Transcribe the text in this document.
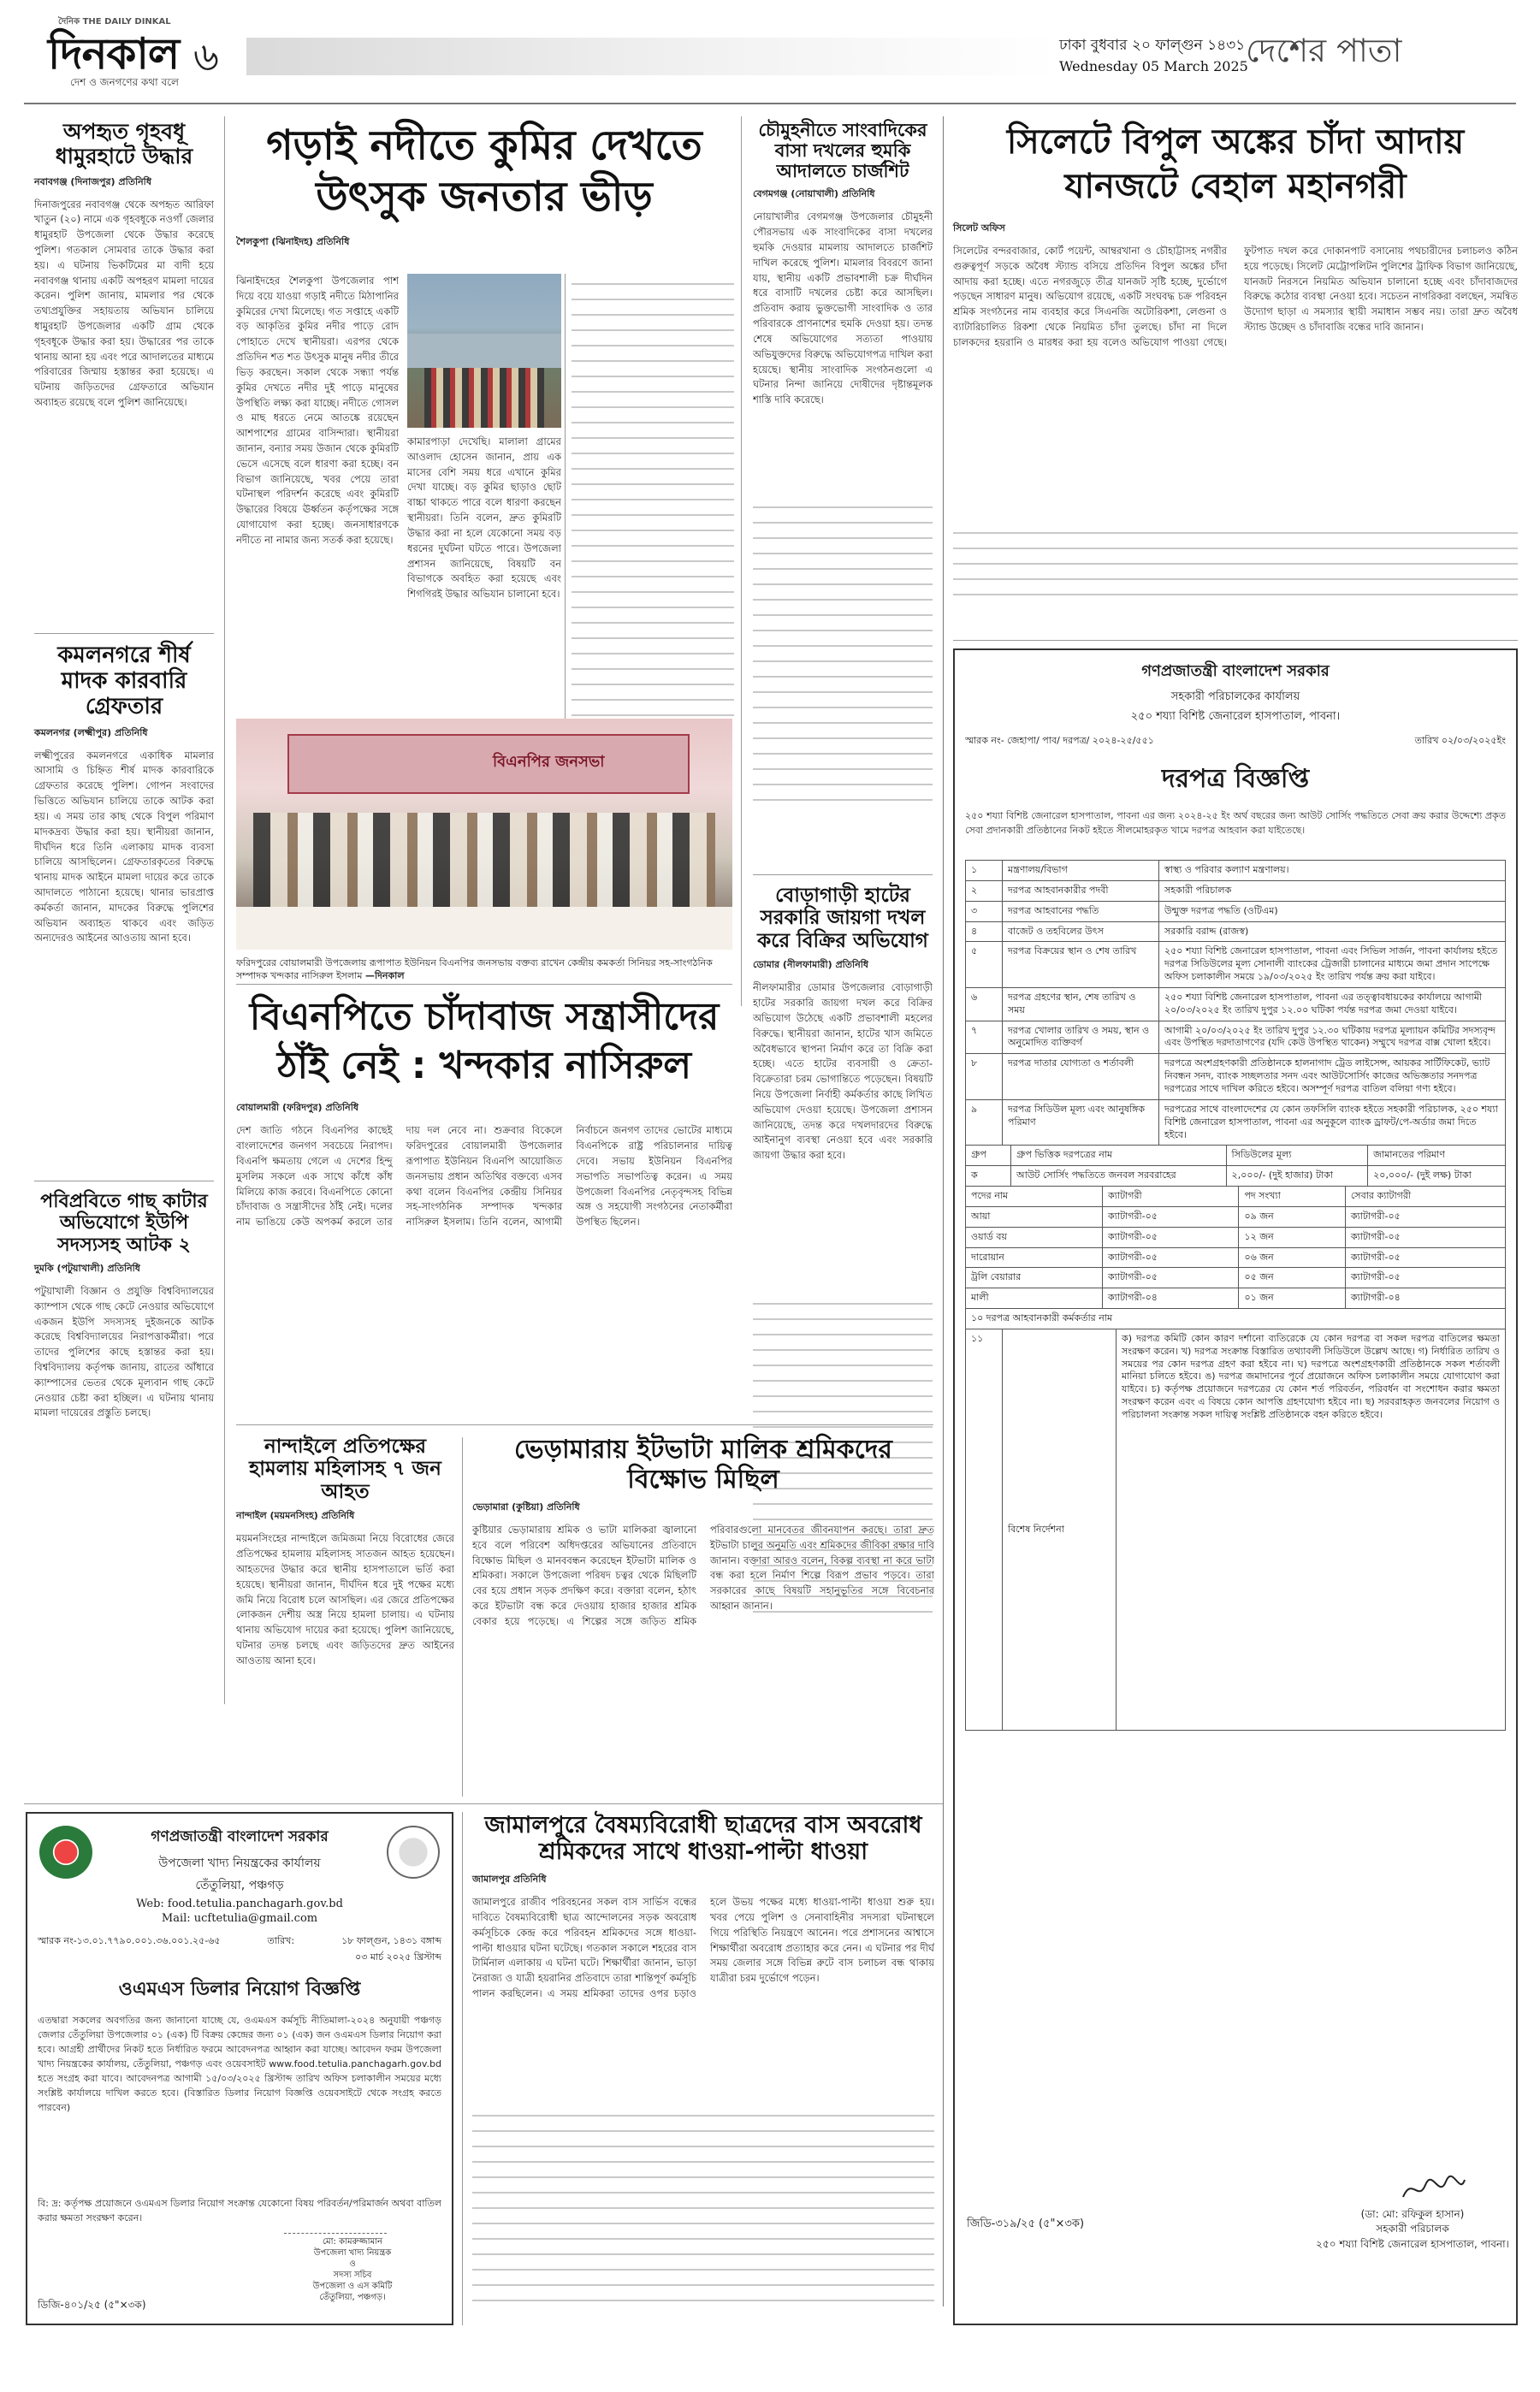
দৈনিক THE DAILY DINKAL
দিনকাল
দেশ ও জনগণের কথা বলে
৬	ঢাকা বুধবার ২০ ফাল্গুন ১৪৩১
Wednesday 05 March 2025
দেশের পাতা
অপহৃত গৃহবধূ ধামুরহাটে উদ্ধার
নবাবগঞ্জ (দিনাজপুর) প্রতিনিধি
দিনাজপুরের নবাবগঞ্জ থেকে অপহৃত আরিফা খাতুন (২০) নামে এক গৃহবধূকে নওগাঁ জেলার ধামুরহাট উপজেলা থেকে উদ্ধার করেছে পুলিশ। গতকাল সোমবার তাকে উদ্ধার করা হয়। এ ঘটনায় ভিকটিমের মা বাদী হয়ে নবাবগঞ্জ থানায় একটি অপহরণ মামলা দায়ের করেন। পুলিশ জানায়, মামলার পর থেকে তথ্যপ্রযুক্তির সহায়তায় অভিযান চালিয়ে ধামুরহাট উপজেলার একটি গ্রাম থেকে গৃহবধূকে উদ্ধার করা হয়। উদ্ধারের পর তাকে থানায় আনা হয় এবং পরে আদালতের মাধ্যমে পরিবারের জিম্মায় হস্তান্তর করা হয়েছে। এ ঘটনায় জড়িতদের গ্রেফতারে অভিযান অব্যাহত রয়েছে বলে পুলিশ জানিয়েছে।
কমলনগরে শীর্ষ মাদক কারবারি গ্রেফতার
কমলনগর (লক্ষ্মীপুর) প্রতিনিধি
লক্ষ্মীপুরের কমলনগরে একাধিক মামলার আসামি ও চিহ্নিত শীর্ষ মাদক কারবারিকে গ্রেফতার করেছে পুলিশ। গোপন সংবাদের ভিত্তিতে অভিযান চালিয়ে তাকে আটক করা হয়। এ সময় তার কাছ থেকে বিপুল পরিমাণ মাদকদ্রব্য উদ্ধার করা হয়। স্থানীয়রা জানান, দীর্ঘদিন ধরে তিনি এলাকায় মাদক ব্যবসা চালিয়ে আসছিলেন। গ্রেফতারকৃতের বিরুদ্ধে থানায় মাদক আইনে মামলা দায়ের করে তাকে আদালতে পাঠানো হয়েছে। থানার ভারপ্রাপ্ত কর্মকর্তা জানান, মাদকের বিরুদ্ধে পুলিশের অভিযান অব্যাহত থাকবে এবং জড়িত অন্যদেরও আইনের আওতায় আনা হবে।
পবিপ্রবিতে গাছ কাটার অভিযোগে ইউপি সদস্যসহ আটক ২
দুমকি (পটুয়াখালী) প্রতিনিধি
পটুয়াখালী বিজ্ঞান ও প্রযুক্তি বিশ্ববিদ্যালয়ের ক্যাম্পাস থেকে গাছ কেটে নেওয়ার অভিযোগে একজন ইউপি সদস্যসহ দুইজনকে আটক করেছে বিশ্ববিদ্যালয়ের নিরাপত্তাকর্মীরা। পরে তাদের পুলিশের কাছে হস্তান্তর করা হয়। বিশ্ববিদ্যালয় কর্তৃপক্ষ জানায়, রাতের আঁধারে ক্যাম্পাসের ভেতর থেকে মূল্যবান গাছ কেটে নেওয়ার চেষ্টা করা হচ্ছিল। এ ঘটনায় থানায় মামলা দায়েরের প্রস্তুতি চলছে।
গড়াই নদীতে কুমির দেখতে উৎসুক জনতার ভীড়
শৈলকুপা (ঝিনাইদহ) প্রতিনিধি
ঝিনাইদহের শৈলকুপা উপজেলার পাশ দিয়ে বয়ে যাওয়া গড়াই নদীতে মিঠাপানির কুমিরের দেখা মিলেছে। গত সপ্তাহে একটি বড় আকৃতির কুমির নদীর পাড়ে রোদ পোহাতে দেখে স্থানীয়রা। এরপর থেকে প্রতিদিন শত শত উৎসুক মানুষ নদীর তীরে ভিড় করছেন। সকাল থেকে সন্ধ্যা পর্যন্ত কুমির দেখতে নদীর দুই পাড়ে মানুষের উপস্থিতি লক্ষ্য করা যাচ্ছে। নদীতে গোসল ও মাছ ধরতে নেমে আতঙ্কে রয়েছেন আশপাশের গ্রামের বাসিন্দারা। স্থানীয়রা জানান, বন্যার সময় উজান থেকে কুমিরটি ভেসে এসেছে বলে ধারণা করা হচ্ছে। বন বিভাগ জানিয়েছে, খবর পেয়ে তারা ঘটনাস্থল পরিদর্শন করেছে এবং কুমিরটি উদ্ধারের বিষয়ে ঊর্ধ্বতন কর্তৃপক্ষের সঙ্গে যোগাযোগ করা হচ্ছে। জনসাধারণকে নদীতে না নামার জন্য সতর্ক করা হয়েছে।
কামারপাড়া দেখেছি। মালালা গ্রামের আওলাদ হোসেন জানান, প্রায় এক মাসের বেশি সময় ধরে এখানে কুমির দেখা যাচ্ছে। বড় কুমির ছাড়াও ছোট বাচ্চা থাকতে পারে বলে ধারণা করছেন স্থানীয়রা। তিনি বলেন, দ্রুত কুমিরটি উদ্ধার করা না হলে যেকোনো সময় বড় ধরনের দুর্ঘটনা ঘটতে পারে। উপজেলা প্রশাসন জানিয়েছে, বিষয়টি বন বিভাগকে অবহিত করা হয়েছে এবং শিগগিরই উদ্ধার অভিযান চালানো হবে।
বিএনপির জনসভা
ফরিদপুরের বোয়ালমারী উপজেলায় রূপাপাত ইউনিয়ন বিএনপির জনসভায় বক্তব্য রাখেন কেন্দ্রীয় কমকর্তা সিনিয়র সহ-সাংগঠনিক সম্পাদক খন্দকার নাসিরুল ইসলাম —দিনকাল
চৌমুহনীতে সাংবাদিকের বাসা দখলের হুমকি আদালতে চার্জশিট
বেগমগঞ্জ (নোয়াখালী) প্রতিনিধি
নোয়াখালীর বেগমগঞ্জ উপজেলার চৌমুহনী পৌরসভায় এক সাংবাদিকের বাসা দখলের হুমকি দেওয়ার মামলায় আদালতে চার্জশিট দাখিল করেছে পুলিশ। মামলার বিবরণে জানা যায়, স্থানীয় একটি প্রভাবশালী চক্র দীর্ঘদিন ধরে বাসাটি দখলের চেষ্টা করে আসছিল। প্রতিবাদ করায় ভুক্তভোগী সাংবাদিক ও তার পরিবারকে প্রাণনাশের হুমকি দেওয়া হয়। তদন্ত শেষে অভিযোগের সত্যতা পাওয়ায় অভিযুক্তদের বিরুদ্ধে অভিযোগপত্র দাখিল করা হয়েছে। স্থানীয় সাংবাদিক সংগঠনগুলো এ ঘটনার নিন্দা জানিয়ে দোষীদের দৃষ্টান্তমূলক শাস্তি দাবি করেছে।
বোড়াগাড়ী হাটের সরকারি জায়গা দখল করে বিক্রির অভিযোগ
ডোমার (নীলফামারী) প্রতিনিধি
নীলফামারীর ডোমার উপজেলার বোড়াগাড়ী হাটের সরকারি জায়গা দখল করে বিক্রির অভিযোগ উঠেছে একটি প্রভাবশালী মহলের বিরুদ্ধে। স্থানীয়রা জানান, হাটের খাস জমিতে অবৈধভাবে স্থাপনা নির্মাণ করে তা বিক্রি করা হচ্ছে। এতে হাটের ব্যবসায়ী ও ক্রেতা-বিক্রেতারা চরম ভোগান্তিতে পড়েছেন। বিষয়টি নিয়ে উপজেলা নির্বাহী কর্মকর্তার কাছে লিখিত অভিযোগ দেওয়া হয়েছে। উপজেলা প্রশাসন জানিয়েছে, তদন্ত করে দখলদারদের বিরুদ্ধে আইনানুগ ব্যবস্থা নেওয়া হবে এবং সরকারি জায়গা উদ্ধার করা হবে।
বিএনপিতে চাঁদাবাজ সন্ত্রাসীদের ঠাঁই নেই : খন্দকার নাসিরুল
বোয়ালমারী (ফরিদপুর) প্রতিনিধি
দেশ জাতি গঠনে বিএনপির কাছেই বাংলাদেশের জনগণ সবচেয়ে নিরাপদ। বিএনপি ক্ষমতায় গেলে এ দেশের হিন্দু মুসলিম সকলে এক সাথে কাঁধে কাঁধ মিলিয়ে কাজ করবে। বিএনপিতে কোনো চাঁদাবাজ ও সন্ত্রাসীদের ঠাঁই নেই। দলের নাম ভাঙিয়ে কেউ অপকর্ম করলে তার দায় দল নেবে না। শুক্রবার বিকেলে ফরিদপুরের বোয়ালমারী উপজেলার রূপাপাত ইউনিয়ন বিএনপি আয়োজিত জনসভায় প্রধান অতিথির বক্তব্যে এসব কথা বলেন বিএনপির কেন্দ্রীয় সিনিয়র সহ-সাংগঠনিক সম্পাদক খন্দকার নাসিরুল ইসলাম। তিনি বলেন, আগামী নির্বাচনে জনগণ তাদের ভোটের মাধ্যমে বিএনপিকে রাষ্ট্র পরিচালনার দায়িত্ব দেবে। সভায় ইউনিয়ন বিএনপির সভাপতি সভাপতিত্ব করেন। এ সময় উপজেলা বিএনপির নেতৃবৃন্দসহ বিভিন্ন অঙ্গ ও সহযোগী সংগঠনের নেতাকর্মীরা উপস্থিত ছিলেন।
নান্দাইলে প্রতিপক্ষের হামলায় মহিলাসহ ৭ জন আহত
নান্দাইল (ময়মনসিংহ) প্রতিনিধি
ময়মনসিংহের নান্দাইলে জমিজমা নিয়ে বিরোধের জেরে প্রতিপক্ষের হামলায় মহিলাসহ সাতজন আহত হয়েছেন। আহতদের উদ্ধার করে স্থানীয় হাসপাতালে ভর্তি করা হয়েছে। স্থানীয়রা জানান, দীর্ঘদিন ধরে দুই পক্ষের মধ্যে জমি নিয়ে বিরোধ চলে আসছিল। এর জেরে প্রতিপক্ষের লোকজন দেশীয় অস্ত্র নিয়ে হামলা চালায়। এ ঘটনায় থানায় অভিযোগ দায়ের করা হয়েছে। পুলিশ জানিয়েছে, ঘটনার তদন্ত চলছে এবং জড়িতদের দ্রুত আইনের আওতায় আনা হবে।
ভেড়ামারায় ইটভাটা মালিক শ্রমিকদের বিক্ষোভ মিছিল
ভেড়ামারা (কুষ্টিয়া) প্রতিনিধি
কুষ্টিয়ার ভেড়ামারায় শ্রমিক ও ভাটা মালিকরা জ্বালানো হবে বলে পরিবেশ অধিদপ্তরের অভিযানের প্রতিবাদে বিক্ষোভ মিছিল ও মানববন্ধন করেছেন ইটভাটা মালিক ও শ্রমিকরা। সকালে উপজেলা পরিষদ চত্বর থেকে মিছিলটি বের হয়ে প্রধান সড়ক প্রদক্ষিণ করে। বক্তারা বলেন, হঠাৎ করে ইটভাটা বন্ধ করে দেওয়ায় হাজার হাজার শ্রমিক বেকার হয়ে পড়েছে। এ শিল্পের সঙ্গে জড়িত শ্রমিক পরিবারগুলো মানবেতর জীবনযাপন করছে। তারা দ্রুত ইটভাটা চালুর অনুমতি এবং শ্রমিকদের জীবিকা রক্ষার দাবি জানান। বক্তারা আরও বলেন, বিকল্প ব্যবস্থা না করে ভাটা বন্ধ করা হলে নির্মাণ শিল্পে বিরূপ প্রভাব পড়বে। তারা সরকারের কাছে বিষয়টি সহানুভূতির সঙ্গে বিবেচনার আহ্বান জানান।
গণপ্রজাতন্ত্রী বাংলাদেশ সরকার
উপজেলা খাদ্য নিয়ন্ত্রকের কার্যালয়
তেঁতুলিয়া, পঞ্চগড়
Web: food.tetulia.panchagarh.gov.bd
Mail: ucftetulia@gmail.com
স্মারক নং-১৩.০১.৭৭৯০.০০১.৩৬.০০১.২৫-৬৫	তারিখ:	১৮ ফাল্গুন, ১৪৩১ বঙ্গাব্দ
০৩ মার্চ ২০২৫ খ্রিস্টাব্দ
ওএমএস ডিলার নিয়োগ বিজ্ঞপ্তি
এতদ্বারা সকলের অবগতির জন্য জানানো যাচ্ছে যে, ওএমএস কর্মসূচি নীতিমালা-২০২৪ অনুযায়ী পঞ্চগড় জেলার তেঁতুলিয়া উপজেলার ০১ (এক) টি বিক্রয় কেন্দ্রের জন্য ০১ (এক) জন ওএমএস ডিলার নিয়োগ করা হবে। আগ্রহী প্রার্থীদের নিকট হতে নির্ধারিত ফরমে আবেদনপত্র আহ্বান করা যাচ্ছে। আবেদন ফরম উপজেলা খাদ্য নিয়ন্ত্রকের কার্যালয়, তেঁতুলিয়া, পঞ্চগড় এবং ওয়েবসাইট www.food.tetulia.panchagarh.gov.bd হতে সংগ্রহ করা যাবে। আবেদনপত্র আগামী ১৫/০৩/২০২৫ খ্রিস্টাব্দ তারিখ অফিস চলাকালীন সময়ের মধ্যে সংশ্লিষ্ট কার্যালয়ে দাখিল করতে হবে। (বিস্তারিত ডিলার নিয়োগ বিজ্ঞপ্তি ওয়েবসাইটে থেকে সংগ্রহ করতে পারবেন)
বি: দ্র: কর্তৃপক্ষ প্রয়োজনে ওএমএস ডিলার নিয়োগ সংক্রান্ত যেকোনো বিষয় পরিবর্তন/পরিমার্জন অথবা বাতিল করার ক্ষমতা সংরক্ষণ করেন।
মো: কামরুজ্জামান
উপজেলা খাদ্য নিয়ন্ত্রক
ও
সদস্য সচিব
উপজেলা ও এস কমিটি
তেঁতুলিয়া, পঞ্চগড়।
ডিজি-৪০১/২৫ (৫"×৩ক)
জামালপুরে বৈষম্যবিরোধী ছাত্রদের বাস অবরোধ শ্রমিকদের সাথে ধাওয়া-পাল্টা ধাওয়া
জামালপুর প্রতিনিধি
জামালপুরে রাজীব পরিবহনের সকল বাস সার্ভিস বন্ধের দাবিতে বৈষম্যবিরোধী ছাত্র আন্দোলনের সড়ক অবরোধ কর্মসূচিকে কেন্দ্র করে পরিবহন শ্রমিকদের সঙ্গে ধাওয়া-পাল্টা ধাওয়ার ঘটনা ঘটেছে। গতকাল সকালে শহরের বাস টার্মিনাল এলাকায় এ ঘটনা ঘটে। শিক্ষার্থীরা জানান, ভাড়া নৈরাজ্য ও যাত্রী হয়রানির প্রতিবাদে তারা শান্তিপূর্ণ কর্মসূচি পালন করছিলেন। এ সময় শ্রমিকরা তাদের ওপর চড়াও হলে উভয় পক্ষের মধ্যে ধাওয়া-পাল্টা ধাওয়া শুরু হয়। খবর পেয়ে পুলিশ ও সেনাবাহিনীর সদস্যরা ঘটনাস্থলে গিয়ে পরিস্থিতি নিয়ন্ত্রণে আনেন। পরে প্রশাসনের আশ্বাসে শিক্ষার্থীরা অবরোধ প্রত্যাহার করে নেন। এ ঘটনার পর দীর্ঘ সময় জেলার সঙ্গে বিভিন্ন রুটে বাস চলাচল বন্ধ থাকায় যাত্রীরা চরম দুর্ভোগে পড়েন।
সিলেটে বিপুল অঙ্কের চাঁদা আদায় যানজটে বেহাল মহানগরী
সিলেট অফিস
সিলেটের বন্দরবাজার, কোর্ট পয়েন্ট, আম্বরখানা ও চৌহাট্টাসহ নগরীর গুরুত্বপূর্ণ সড়কে অবৈধ স্ট্যান্ড বসিয়ে প্রতিদিন বিপুল অঙ্কের চাঁদা আদায় করা হচ্ছে। এতে নগরজুড়ে তীব্র যানজট সৃষ্টি হচ্ছে, দুর্ভোগে পড়ছেন সাধারণ মানুষ। অভিযোগ রয়েছে, একটি সংঘবদ্ধ চক্র পরিবহন শ্রমিক সংগঠনের নাম ব্যবহার করে সিএনজি অটোরিকশা, লেগুনা ও ব্যাটারিচালিত রিকশা থেকে নিয়মিত চাঁদা তুলছে। চাঁদা না দিলে চালকদের হয়রানি ও মারধর করা হয় বলেও অভিযোগ পাওয়া গেছে। ফুটপাত দখল করে দোকানপাট বসানোয় পথচারীদের চলাচলও কঠিন হয়ে পড়েছে। সিলেট মেট্রোপলিটন পুলিশের ট্রাফিক বিভাগ জানিয়েছে, যানজট নিরসনে নিয়মিত অভিযান চালানো হচ্ছে এবং চাঁদাবাজদের বিরুদ্ধে কঠোর ব্যবস্থা নেওয়া হবে। সচেতন নাগরিকরা বলছেন, সমন্বিত উদ্যোগ ছাড়া এ সমস্যার স্থায়ী সমাধান সম্ভব নয়। তারা দ্রুত অবৈধ স্ট্যান্ড উচ্ছেদ ও চাঁদাবাজি বন্ধের দাবি জানান।
গণপ্রজাতন্ত্রী বাংলাদেশ সরকার
সহকারী পরিচালকের কার্যালয়
২৫০ শয্যা বিশিষ্ট জেনারেল হাসপাতাল, পাবনা।
স্মারক নং- জেহাপা/ পাব/ দরপত্র/ ২০২৪-২৫/৫৫১	তারিখ ০২/০৩/২০২৫ইং
দরপত্র বিজ্ঞপ্তি
২৫০ শয্যা বিশিষ্ট জেনারেল হাসপাতাল, পাবনা এর জন্য ২০২৪-২৫ ইং অর্থ বছরের জন্য আউট সোর্সিং পদ্ধতিতে সেবা ক্রয় করার উদ্দেশ্যে প্রকৃত সেবা প্রদানকারী প্রতিষ্ঠানের নিকট হইতে সীলমোহরকৃত খামে দরপত্র আহবান করা যাইতেছে।
১	মন্ত্রণালয়/বিভাগ	স্বাস্থ্য ও পরিবার কল্যাণ মন্ত্রণালয়।
২	দরপত্র আহবানকারীর পদবী	সহকারী পরিচালক
৩	দরপত্র আহবানের পদ্ধতি	উন্মুক্ত দরপত্র পদ্ধতি (ওটিএম)
৪	বাজেট ও তহবিলের উৎস	সরকারি বরাদ্দ (রাজস্ব)
৫	দরপত্র বিক্রয়ের স্থান ও শেষ তারিখ	২৫০ শয্যা বিশিষ্ট জেনারেল হাসপাতাল, পাবনা এবং সিভিল সার্জন, পাবনা কার্যালয় হইতে দরপত্র সিডিউলের মূল্য সোনালী ব্যাংকের ট্রেজারী চালানের মাধ্যমে জমা প্রদান সাপেক্ষে অফিস চলাকালীন সময়ে ১৯/০৩/২০২৫ ইং তারিখ পর্যন্ত ক্রয় করা যাইবে।
৬	দরপত্র গ্রহণের স্থান, শেষ তারিখ ও সময়	২৫০ শয্যা বিশিষ্ট জেনারেল হাসপাতাল, পাবনা এর তত্ত্বাবধায়কের কার্যালয়ে আগামী ২০/০৩/২০২৫ ইং তারিখ দুপুর ১২.০০ ঘটিকা পর্যন্ত দরপত্র জমা দেওয়া যাইবে।
৭	দরপত্র খোলার তারিখ ও সময়, স্থান ও অনুমোদিত ব্যক্তিবর্গ	আগামী ২০/০৩/২০২৫ ইং তারিখ দুপুর ১২.৩০ ঘটিকায় দরপত্র মূল্যায়ন কমিটির সদস্যবৃন্দ এবং উপস্থিত দরদাতাগণের (যদি কেউ উপস্থিত থাকেন) সম্মুখে দরপত্র বাক্স খোলা হইবে।
৮	দরপত্র দাতার যোগ্যতা ও শর্তাবলী	দরপত্রে অংশগ্রহণকারী প্রতিষ্ঠানকে হালনাগাদ ট্রেড লাইসেন্স, আয়কর সার্টিফিকেট, ভ্যাট নিবন্ধন সনদ, ব্যাংক সচ্ছলতার সনদ এবং আউটসোর্সিং কাজের অভিজ্ঞতার সনদপত্র দরপত্রের সাথে দাখিল করিতে হইবে। অসম্পূর্ণ দরপত্র বাতিল বলিয়া গণ্য হইবে।
৯	দরপত্র সিডিউল মূল্য এবং আনুষঙ্গিক পরিমাণ	দরপত্রের সাথে বাংলাদেশের যে কোন তফসিলি ব্যাংক হইতে সহকারী পরিচালক, ২৫০ শয্যা বিশিষ্ট জেনারেল হাসপাতাল, পাবনা এর অনুকূলে ব্যাংক ড্রাফট/পে-অর্ডার জমা দিতে হইবে।
গ্রুপ	গ্রুপ ভিত্তিক দরপত্রের নাম	সিডিউলের মূল্য	জামানতের পরিমাণ
ক	আউট সোর্সিং পদ্ধতিতে জনবল সরবরাহের	২,০০০/- (দুই হাজার) টাকা	২০,০০০/- (দুই লক্ষ) টাকা
পদের নাম	ক্যাটাগরী	পদ সংখ্যা	সেবার ক্যাটাগরী
আয়া	ক্যাটাগরী-০৫	০৯ জন	ক্যাটাগরী-০৫
ওয়ার্ড বয়	ক্যাটাগরী-০৫	১২ জন	ক্যাটাগরী-০৫
দারোয়ান	ক্যাটাগরী-০৫	০৬ জন	ক্যাটাগরী-০৫
ট্রলি বেয়ারার	ক্যাটাগরী-০৫	০৫ জন	ক্যাটাগরী-০৫
মালী	ক্যাটাগরী-০৪	০১ জন	ক্যাটাগরী-০৪
১০ দরপত্র আহবানকারী কর্মকর্তার নাম
১১	বিশেষ নির্দেশনা	ক) দরপত্র কমিটি কোন কারণ দর্শানো ব্যতিরেকে যে কোন দরপত্র বা সকল দরপত্র বাতিলের ক্ষমতা সংরক্ষণ করেন। খ) দরপত্র সংক্রান্ত বিস্তারিত তথ্যাবলী সিডিউলে উল্লেখ আছে। গ) নির্ধারিত তারিখ ও সময়ের পর কোন দরপত্র গ্রহণ করা হইবে না। ঘ) দরপত্রে অংশগ্রহণকারী প্রতিষ্ঠানকে সকল শর্তাবলী মানিয়া চলিতে হইবে। ঙ) দরপত্র জমাদানের পূর্বে প্রয়োজনে অফিস চলাকালীন সময়ে যোগাযোগ করা যাইবে। চ) কর্তৃপক্ষ প্রয়োজনে দরপত্রের যে কোন শর্ত পরিবর্তন, পরিবর্ধন বা সংশোধন করার ক্ষমতা সংরক্ষণ করেন এবং এ বিষয়ে কোন আপত্তি গ্রহণযোগ্য হইবে না। ছ) সরবরাহকৃত জনবলের নিয়োগ ও পরিচালনা সংক্রান্ত সকল দায়িত্ব সংশ্লিষ্ট প্রতিষ্ঠানকে বহন করিতে হইবে।
(ডা: মো: রফিকুল হাসান)
সহকারী পরিচালক
২৫০ শয্যা বিশিষ্ট জেনারেল হাসপাতাল, পাবনা।
জিডি-৩১৯/২৫ (৫"×৩ক)
